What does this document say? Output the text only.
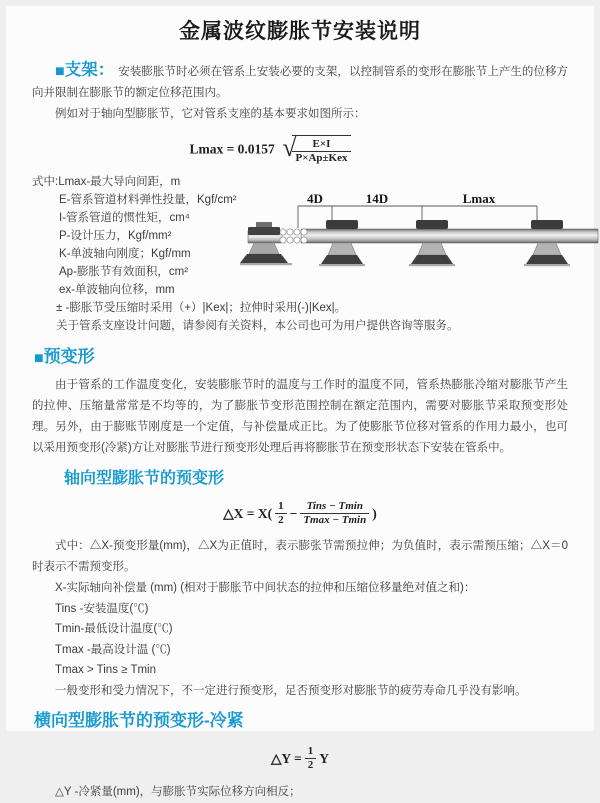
金属波纹膨胀节安装说明

■支架： 安装膨胀节时必须在管系上安装必要的支架，以控制管系的变形在膨胀节上产生的位移方向并限制在膨胀节的额定位移范围内。

例如对于轴向型膨胀节，它对管系支座的基本要求如图所示：

Lmax = 0.0157 √
$\frac{E\times I}{\text{P×Ap±Kex}}$
式中:Lmax-最大导向间距，m
E-管系管道材料弹性投量，Kgf/cm²
I-管系管道的惯性矩，cm⁴
P-设计压力，Kgf/mm²
K-单波轴向刚度；Kgf/mm
Ap-膨胀节有效面积，cm²
ex-单波轴向位移，mm
± -膨胀节受压缩时采用（+）|Kex|；拉伸时采用(-)|Kex|。
关于管系支座设计问题，请参阅有关资料，本公司也可为用户提供咨询等服务。
■预变形

由于管系的工作温度变化，安装膨胀节时的温度与工作时的温度不同，管系热膨胀冷缩对膨胀节产生的拉伸、压缩量常常是不均等的，为了膨胀节变形范围控制在额定范围内，需要对膨胀节采取预变形处理。另外，由于膨账节刚度是一个定值，与补偿量成正比。为了使膨胀节位移对管系的作用力最小，也可以采用预变形(冷紧)方让对膨胀节进行预变形处理后再将膨胀节在预变形状态下安装在管系中。

轴向型膨胀节的预变形
△X = $X( \frac{1}{2} - \frac{\text{Tins − Tmin}}{Tmax - Tmin}$ )

式中：△X-预变形量(mm)，△X为正值时，表示膨张节需预拉伸；为负值时，表示需预压缩；△X＝0时表示不需预变形。

X-实际轴向补偿量 (mm) (相对于膨胀节中间状态的拉伸和压缩位移量绝对值之和)：

Tins -安装温度(℃)
Tmin-最低设计温度(℃)
Tmax -最高设计温 (℃)
Tmax > Tins ≥ Tmin

一般变形和受力情况下，不一定进行预变形，足否预变形对膨胀节的疲劳寿命几乎没有影响。

横向型膨胀节的预变形-冷紧
△Y = $\frac{1}{2}$ Y

△Y -冷紧量(mm)，与膨胀节实际位移方向相反；

4D	14D	Lmax
